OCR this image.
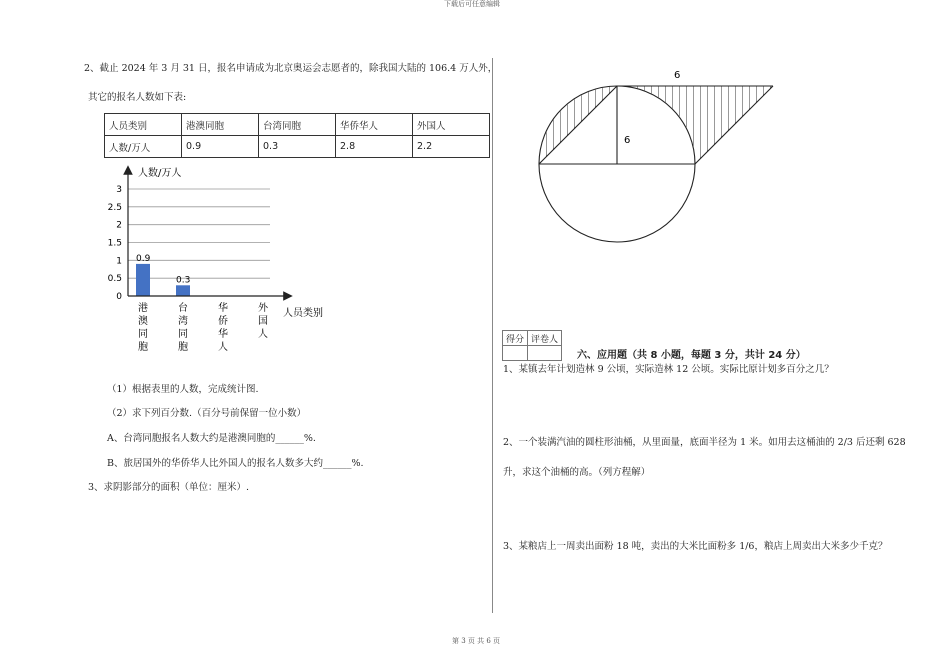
下载后可任意编辑
第 3 页 共 6 页
2、截止 2024 年 3 月 31 日，报名申请成为北京奥运会志愿者的，除我国大陆的 106.4 万人外，
其它的报名人数如下表:
人员类别	港澳同胞	台湾同胞	华侨华人	外国人
人数/万人	0.9	0.3	2.8	2.2
0
0.5
1
1.5
2
2.5
3
0.9
0.3
港澳同胞
台湾同胞
华侨华人
外国人
人数/万人
人员类别
（1）根据表里的人数，完成统计图.
（2）求下列百分数.（百分号前保留一位小数）
A、台湾同胞报名人数大约是港澳同胞的______%.
B、旅居国外的华侨华人比外国人的报名人数多大约______%.
3、求阴影部分的面积（单位：厘米）.
6
6
得分	评卷人

六、应用题（共 8 小题，每题 3 分，共计 24 分）
1、某镇去年计划造林 9 公顷，实际造林 12 公顷。实际比原计划多百分之几？
2、一个装满汽油的圆柱形油桶，从里面量，底面半径为 1 米。如用去这桶油的 2/3 后还剩 628
升，求这个油桶的高。（列方程解）
3、某粮店上一周卖出面粉 18 吨，卖出的大米比面粉多 1/6，粮店上周卖出大米多少千克？
